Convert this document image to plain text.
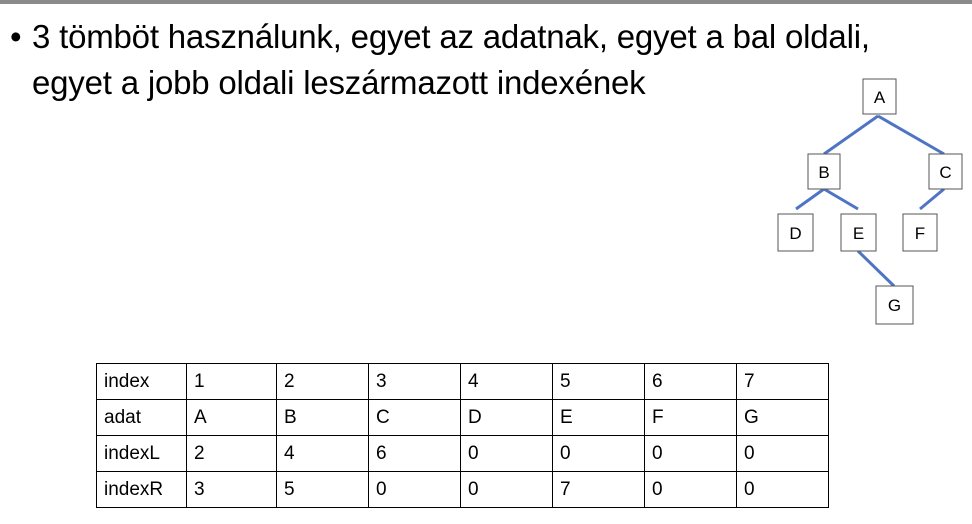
• 3 tömböt használunk, egyet az adatnak, egyet a bal oldali,
egyet a jobb oldali leszármazott indexének	A
B	C
D	E	F
G
index	1	2	3	4	5	6	7
adat	A	B	C	D	E	F	G
indexL	2	4	6	0	0	0	0
indexR	3	5	0	0	7	0	0
